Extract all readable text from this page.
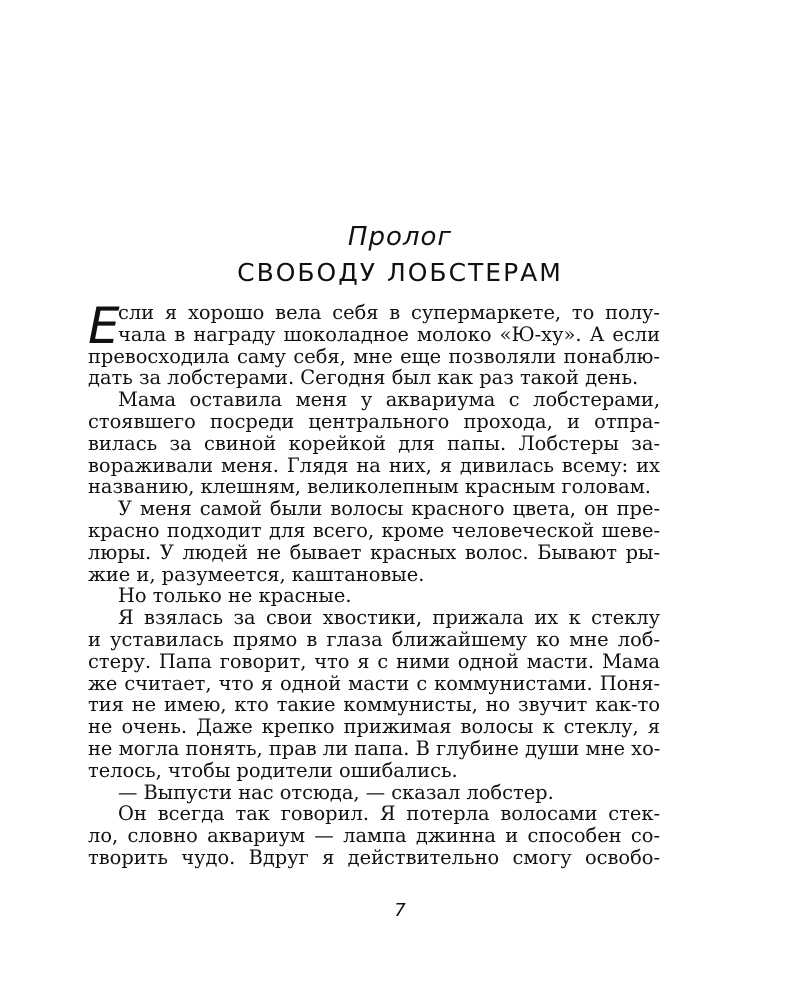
Пролог
СВОБОДУ ЛОБСТЕРАМ
Е
сли я хорошо вела себя в супермаркете, то полу-
чала в награду шоколадное молоко «Ю-ху». А если
превосходила саму себя, мне еще позволяли понаблю-
дать за лобстерами. Сегодня был как раз такой день.
Мама оставила меня у аквариума с лобстерами,
стоявшего посреди центрального прохода, и отпра-
вилась за свиной корейкой для папы. Лобстеры за-
вораживали меня. Глядя на них, я дивилась всему: их
названию, клешням, великолепным красным головам.
У меня самой были волосы красного цвета, он пре-
красно подходит для всего, кроме человеческой шеве-
люры. У людей не бывает красных волос. Бывают ры-
жие и, разумеется, каштановые.
Но только не красные.
Я взялась за свои хвостики, прижала их к стеклу
и уставилась прямо в глаза ближайшему ко мне лоб-
стеру. Папа говорит, что я с ними одной масти. Мама
же считает, что я одной масти с коммунистами. Поня-
тия не имею, кто такие коммунисты, но звучит как-то
не очень. Даже крепко прижимая волосы к стеклу, я
не могла понять, прав ли папа. В глубине души мне хо-
телось, чтобы родители ошибались.
— Выпусти нас отсюда, — сказал лобстер.
Он всегда так говорил. Я потерла волосами стек-
ло, словно аквариум — лампа джинна и способен со-
творить чудо. Вдруг я действительно смогу освобо-
7
